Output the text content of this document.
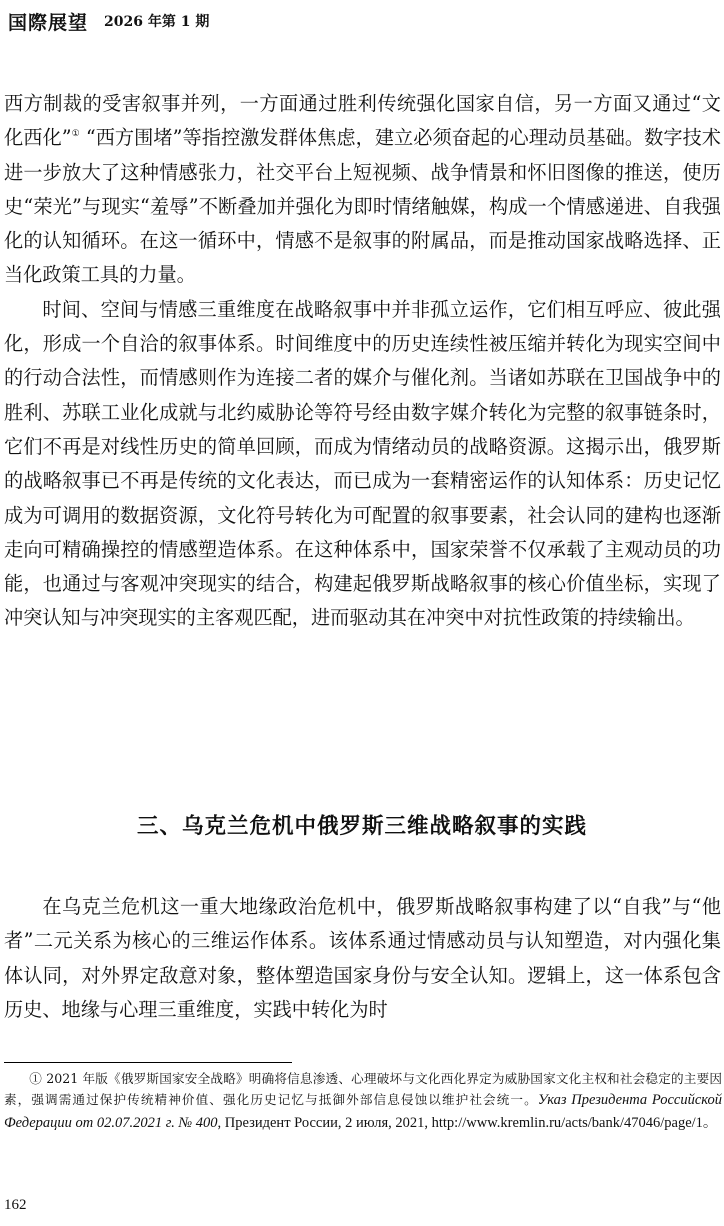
国際展望 2026 年第 1 期

西方制裁的受害叙事并列，一方面通过胜利传统强化国家自信，另一方面又通过“文化西化”① “西方围堵”等指控激发群体焦虑，建立必须奋起的心理动员基础。数字技术进一步放大了这种情感张力，社交平台上短视频、战争情景和怀旧图像的推送，使历史“荣光”与现实“羞辱”不断叠加并强化为即时情绪触媒，构成一个情感递进、自我强化的认知循环。在这一循环中，情感不是叙事的附属品，而是推动国家战略选择、正当化政策工具的力量。

时间、空间与情感三重维度在战略叙事中并非孤立运作，它们相互呼应、彼此强化，形成一个自洽的叙事体系。时间维度中的历史连续性被压缩并转化为现实空间中的行动合法性，而情感则作为连接二者的媒介与催化剂。当诸如苏联在卫国战争中的胜利、苏联工业化成就与北约威胁论等符号经由数字媒介转化为完整的叙事链条时，它们不再是对线性历史的简单回顾，而成为情绪动员的战略资源。这揭示出，俄罗斯的战略叙事已不再是传统的文化表达，而已成为一套精密运作的认知体系：历史记忆成为可调用的数据资源，文化符号转化为可配置的叙事要素，社会认同的建构也逐渐走向可精确操控的情感塑造体系。在这种体系中，国家荣誉不仅承载了主观动员的功能，也通过与客观冲突现实的结合，构建起俄罗斯战略叙事的核心价值坐标，实现了冲突认知与冲突现实的主客观匹配，进而驱动其在冲突中对抗性政策的持续输出。

三、乌克兰危机中俄罗斯三维战略叙事的实践

在乌克兰危机这一重大地缘政治危机中，俄罗斯战略叙事构建了以“自我”与“他者”二元关系为核心的三维运作体系。该体系通过情感动员与认知塑造，对内强化集体认同，对外界定敌意对象，整体塑造国家身份与安全认知。逻辑上，这一体系包含历史、地缘与心理三重维度，实践中转化为时

① 2021 年版《俄罗斯国家安全战略》明确将信息渗透、心理破坏与文化西化界定为威胁国家文化主权和社会稳定的主要因素，强调需通过保护传统精神价值、强化历史记忆与抵御外部信息侵蚀以维护社会统一。Указ Президента Российской Федерации от 02.07.2021 г. № 400, Президент России, 2 июля, 2021, http://www.kremlin.ru/acts/bank/47046/page/1。
162
